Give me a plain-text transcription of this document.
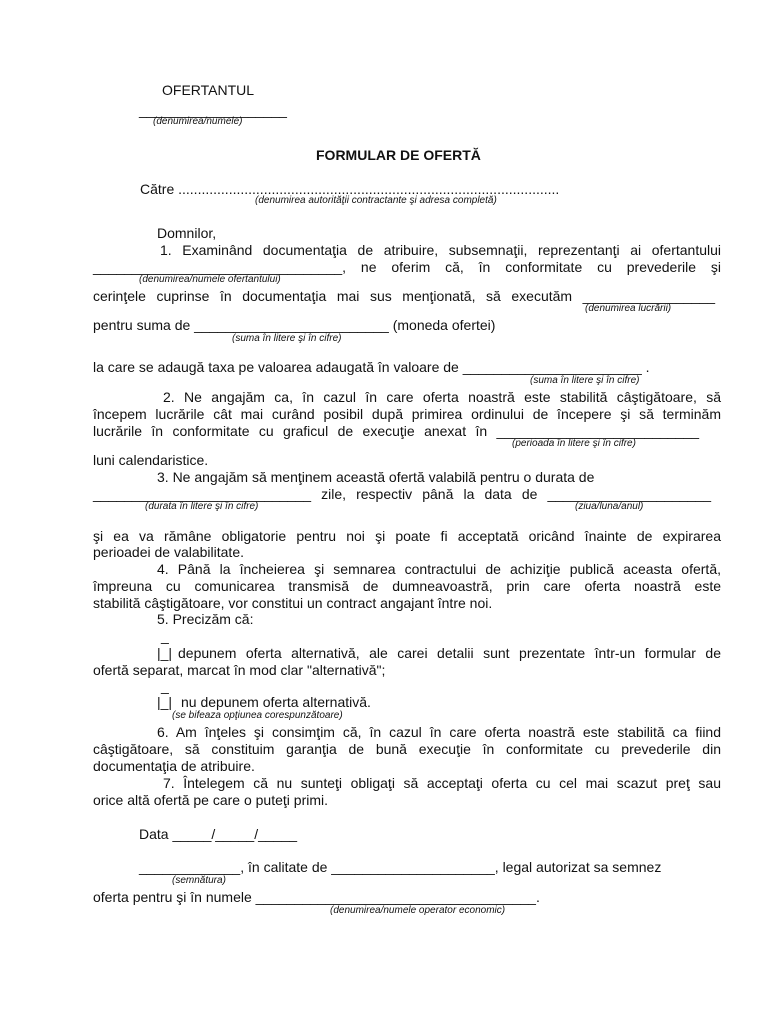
OFERTANTUL
___________________
(denumirea/numele)
FORMULAR DE OFERTĂ
Către ..................................................................................................
(denumirea autorităţii contractante şi adresa completă)
Domnilor,
1. Examinând documentaţia de atribuire, subsemnaţii, reprezentanţi ai ofertantului
________________________________, ne oferim că, în conformitate cu prevederile şi
(denumirea/numele ofertantului)
cerinţele cuprinse în documentaţia mai sus menţionată, să executăm _________________
(denumirea lucrării)
pentru suma de _________________________ (moneda ofertei)
(suma în litere şi în cifre)
la care se adaugă taxa pe valoarea adaugată în valoare de _______________________ .
(suma în litere şi în cifre)
2. Ne angajăm ca, în cazul în care oferta noastră este stabilită câştigătoare, să
începem lucrările cât mai curând posibil după primirea ordinului de începere şi să terminăm
lucrările în conformitate cu graficul de execuţie anexat în __________________________
(perioada în litere şi în cifre)
luni calendaristice.
3. Ne angajăm să menţinem această ofertă valabilă pentru o durata de
____________________________ zile, respectiv până la data de _____________________
(durata în litere şi în cifre)	(ziua/luna/anul)
şi ea va rămâne obligatorie pentru noi şi poate fi acceptată oricând înainte de expirarea
perioadei de valabilitate.
4. Până la încheierea şi semnarea contractului de achiziţie publică aceasta ofertă,
împreuna cu comunicarea transmisă de dumneavoastră, prin care oferta noastră este
stabilită câştigătoare, vor constitui un contract angajant între noi.
5. Precizăm că:
_
|_| depunem oferta alternativă, ale carei detalii sunt prezentate într-un formular de
ofertă separat, marcat în mod clar "alternativă";
_
|_| nu depunem oferta alternativă.
(se bifeaza opţiunea corespunzătoare)
6. Am înţeles şi consimţim că, în cazul în care oferta noastră este stabilită ca fiind
câştigătoare, să constituim garanţia de bună execuţie în conformitate cu prevederile din
documentaţia de atribuire.
7. Întelegem că nu sunteţi obligaţi să acceptaţi oferta cu cel mai scazut preţ sau
orice altă ofertă pe care o puteţi primi.
Data _____/_____/_____
_____________, în calitate de _____________________, legal autorizat sa semnez
(semnătura)
oferta pentru şi în numele ____________________________________.
(denumirea/numele operator economic)
